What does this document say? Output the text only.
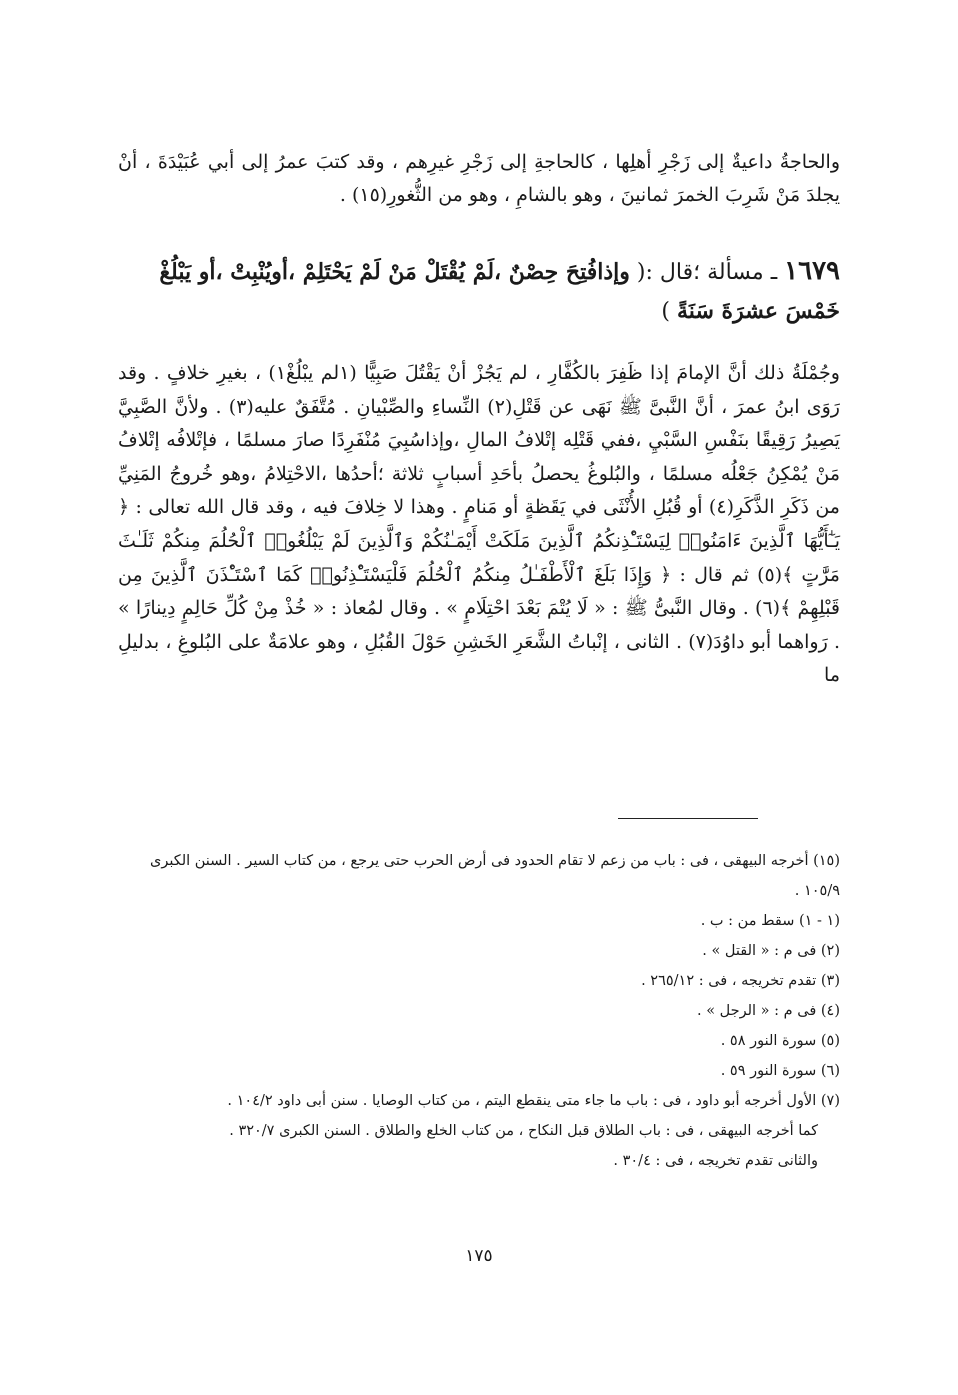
والحاجةُ داعيةٌ إلى زَجْرِ أهلِها ، كالحاجةِ إلى زَجْرِ غيرِهم ، وقد كتبَ عمرُ إلى أبي عُبَيْدَةَ ، أنْ يجلدَ مَنْ شَرِبَ الخمرَ ثمانينَ ، وهو بالشامِ ، وهو من الثُّغورِ(١٥) .

١٦٧٩ ـ مسألة ؛قال :( وإذافُتِحَ حِصْنٌ ،لَمْ يُقْتَلْ مَنْ لَمْ يَحْتَلِمْ ،أويُنْبِتْ ،أو يَبْلُغْ خَمْسَ عشرَةَ سَنَةً )

وجُمْلَةُ ذلك أنَّ الإمامَ إذا ظَفِرَ بالكُفَّارِ ، لم يَجُزْ أنْ يَقْتُلَ صَبِيًّا (١لم يبْلُغْ١) ، بغيرِ خلافٍ . وقد رَوَى ابنُ عمرَ ، أنَّ النَّبىَّ ﷺ نَهَى عن قَتْلِ(٢) النِّساءِ والصِّبْيانِ . مُتَّفَقٌ عليه(٣) . ولأنَّ الصَّبِيَّ يَصِيرُ رَقِيقًا بنَفْسِ السَّبْيِ ،ففي قَتْلِه إتْلافُ المالِ ،وإذاسُبِيَ مُنْفَرِدًا صارَ مسلمًا ، فإتْلافُه إتْلافُ مَنْ يُمْكِنُ جَعْلُه مسلمًا ، والبُلوغُ يحصلُ بأحَدِ أسبابٍ ثلاثة ؛أحدُها ،الاحْتِلامُ ،وهو خُروجُ المَنِيِّ من ذَكَرِ الذَّكَرِ(٤) أو قُبُلِ الأُنْثَى في يَقَظةٍ أو مَنامٍ . وهذا لا خِلافَ فيه ، وقد قال الله تعالى : ﴿ يَـٰٓأَيُّهَا ٱلَّذِينَ ءَامَنُوا۟ لِيَسْتَـْٔذِنكُمُ ٱلَّذِينَ مَلَكَتْ أَيْمَـٰنُكُمْ وَٱلَّذِينَ لَمْ يَبْلُغُوا۟ ٱلْحُلُمَ مِنكُمْ ثَلَـٰثَ مَرَّٰتٍ ﴾(٥) ثم قال : ﴿ وَإِذَا بَلَغَ ٱلْأَطْفَـٰلُ مِنكُمُ ٱلْحُلُمَ فَلْيَسْتَـْٔذِنُوا۟ كَمَا ٱسْتَـْٔذَنَ ٱلَّذِينَ مِن قَبْلِهِمْ ﴾(٦) . وقال النَّبىُّ ﷺ : « لَا يُتْمَ بَعْدَ احْتِلَامٍ » . وقال لمُعاذ : « خُذْ مِنْ كُلِّ حَالِمٍ دِينارًا » . رَواهما أبو داوُدَ(٧) . الثانى ، إنْباتُ الشَّعَرِ الخَشِنِ حَوْلَ القُبُلِ ، وهو علامَةٌ على البُلوغِ ، بدليلِ ما

(١٥) أخرجه البيهقى ، فى : باب من زعم لا تقام الحدود فى أرض الحرب حتى يرجع ، من كتاب السير . السنن الكبرى ١٠٥/٩ .

(١ - ١) سقط من : ب .

(٢) فى م : « القتل » .

(٣) تقدم تخريجه ، فى : ٢٦٥/١٢ .

(٤) فى م : « الرجل » .

(٥) سورة النور ٥٨ .

(٦) سورة النور ٥٩ .

(٧) الأول أخرجه أبو داود ، فى : باب ما جاء متى ينقطع اليتم ، من كتاب الوصايا . سنن أبى داود ١٠٤/٢ .

كما أخرجه البيهقى ، فى : باب الطلاق قبل النكاح ، من كتاب الخلع والطلاق . السنن الكبرى ٣٢٠/٧ .

والثانى تقدم تخريجه ، فى : ٣٠/٤ .

١٧٥
